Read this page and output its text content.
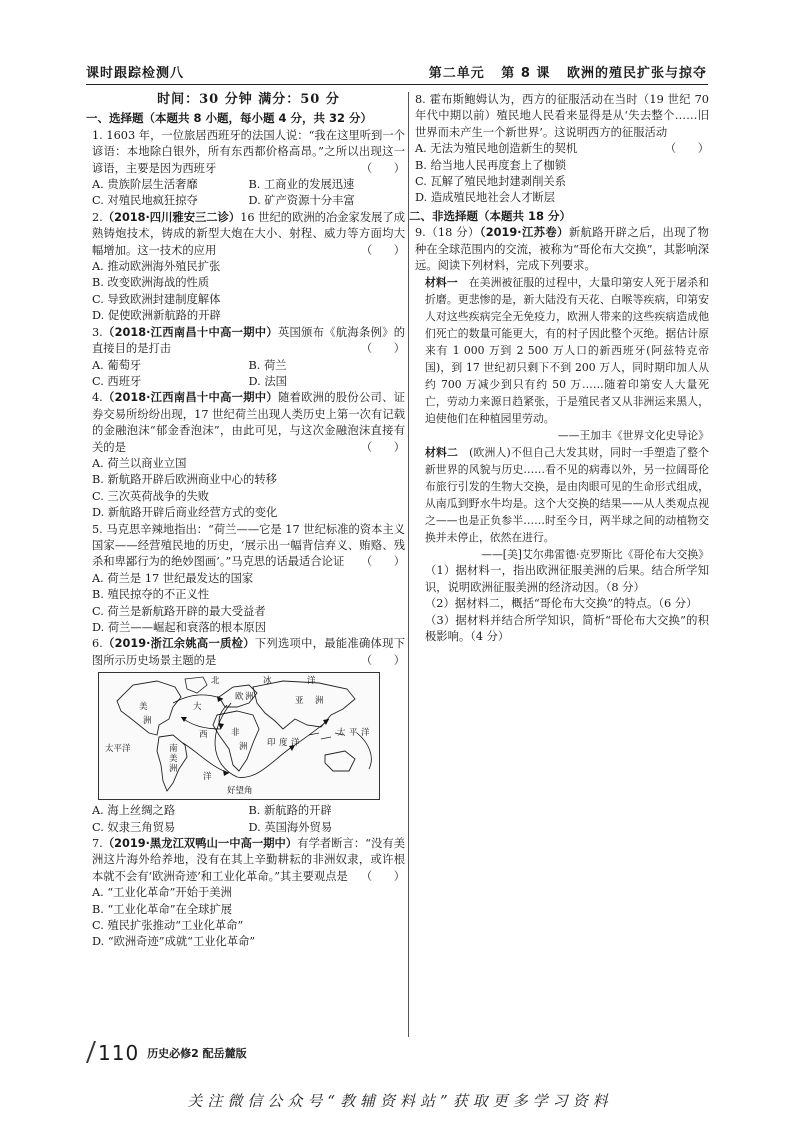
课时跟踪检测八	第二单元   第 8 课   欧洲的殖民扩张与掠夺
时间：30 分钟 满分：50 分
一、选择题（本题共 8 小题，每小题 4 分，共 32 分）
1. 1603 年，一位旅居西班牙的法国人说：“我在这里听到一个谚语：本地除白银外，所有东西都价格高昂。”之所以出现这一谚语，主要是因为西班牙	（      ）
A. 贵族阶层生活奢靡	B. 工商业的发展迅速
C. 对殖民地疯狂掠夺	D. 矿产资源十分丰富
2.（2018·四川雅安三二诊）16 世纪的欧洲的冶金家发展了成熟铸炮技术，铸成的新型大炮在大小、射程、威力等方面均大幅增加。这一技术的应用	（      ）
A. 推动欧洲海外殖民扩张
B. 改变欧洲海战的性质
C. 导致欧洲封建制度解体
D. 促使欧洲新航路的开辟
3.（2018·江西南昌十中高一期中）英国颁布《航海条例》的直接目的是打击	（      ）
A. 葡萄牙	B. 荷兰
C. 西班牙	D. 法国
4.（2018·江西南昌十中高一期中）随着欧洲的股份公司、证券交易所纷纷出现，17 世纪荷兰出现人类历史上第一次有记载的金融泡沫“郁金香泡沫”，由此可见，与这次金融泡沫直接有关的是	（      ）
A. 荷兰以商业立国
B. 新航路开辟后欧洲商业中心的转移
C. 三次英荷战争的失败
D. 新航路开辟后商业经营方式的变化
5. 马克思辛辣地指出：“荷兰——它是 17 世纪标准的资本主义国家——经营殖民地的历史，‘展示出一幅背信弃义、贿赂、残杀和卑鄙行为的绝妙图画’。”马克思的话最适合论证 （      ）
A. 荷兰是 17 世纪最发达的国家
B. 殖民掠夺的不正义性
C. 荷兰是新航路开辟的最大受益者
D. 荷兰——崛起和衰落的根本原因
6.（2019·浙江余姚高一质检）下列选项中，最能准确体现下图所示历史场景主题的是	（      ）
北	冰	洋
欧 洲	亚 洲
大
西
洋
非
洲
美
洲
南
美
洲
印 度 洋
太平洋
太 平 洋
好望角
A. 海上丝绸之路	B. 新航路的开辟
C. 奴隶三角贸易	D. 英国海外贸易
7.（2019·黑龙江双鸭山一中高一期中）有学者断言：“没有美洲这片海外给养地，没有在其上辛勤耕耘的非洲奴隶，或许根本就不会有‘欧洲奇迹’和工业化革命。”其主要观点是 （      ）
A. “工业化革命”开始于美洲
B. “工业化革命”在全球扩展
C. 殖民扩张推动“工业化革命”
D. “欧洲奇迹”成就“工业化革命”
8. 霍布斯鲍姆认为，西方的征服活动在当时（19 世纪 70 年代中期以前）殖民地人民看来显得是从‘失去整个……旧世界而未产生一个新世界’。这说明西方的征服活动
（      ）
A. 无法为殖民地创造新生的契机
B. 给当地人民再度套上了枷锁
C. 瓦解了殖民地封建剥削关系
D. 造成殖民地社会人才断层
二、非选择题（本题共 18 分）
9.（18 分）（2019·江苏卷）新航路开辟之后，出现了物种在全球范围内的交流，被称为“哥伦布大交换”，其影响深远。阅读下列材料，完成下列要求。
材料一　 在美洲被征服的过程中，大量印第安人死于屠杀和折磨。更悲惨的是，新大陆没有天花、白喉等疾病，印第安人对这些疾病完全无免疫力，欧洲人带来的这些疾病造成他们死亡的数量可能更大，有的村子因此整个灭绝。据估计原来有 1 000 万到 2 500 万人口的新西班牙(阿兹特克帝国)，到 17 世纪初只剩下不到 200 万人，同时期印加人从约 700 万减少到只有约 50 万……随着印第安人大量死亡，劳动力来源日趋紧张，于是殖民者又从非洲运来黑人，迫使他们在种植园里劳动。
——王加丰《世界文化史导论》
材料二　 (欧洲人)不但自己大发其财，同时一手塑造了整个新世界的风貌与历史……看不见的病毒以外，另一拉阔哥伦布旅行引发的生物大交换，是由肉眼可见的生命形式组成，从南瓜到野水牛均是。这个大交换的结果——从人类观点视之——也是正负参半……时至今日，两半球之间的动植物交换并未停止，依然在进行。
——[美]艾尔弗雷德·克罗斯比《哥伦布大交换》
（1）据材料一，指出欧洲征服美洲的后果。结合所学知识，说明欧洲征服美洲的经济动因。（8 分）
（2）据材料二，概括“哥伦布大交换”的特点。（6 分）
（3）据材料并结合所学知识，简析“哥伦布大交换”的积极影响。（4 分）
110 历史必修2 配岳麓版
关注微信公众号“教辅资料站”获取更多学习资料
